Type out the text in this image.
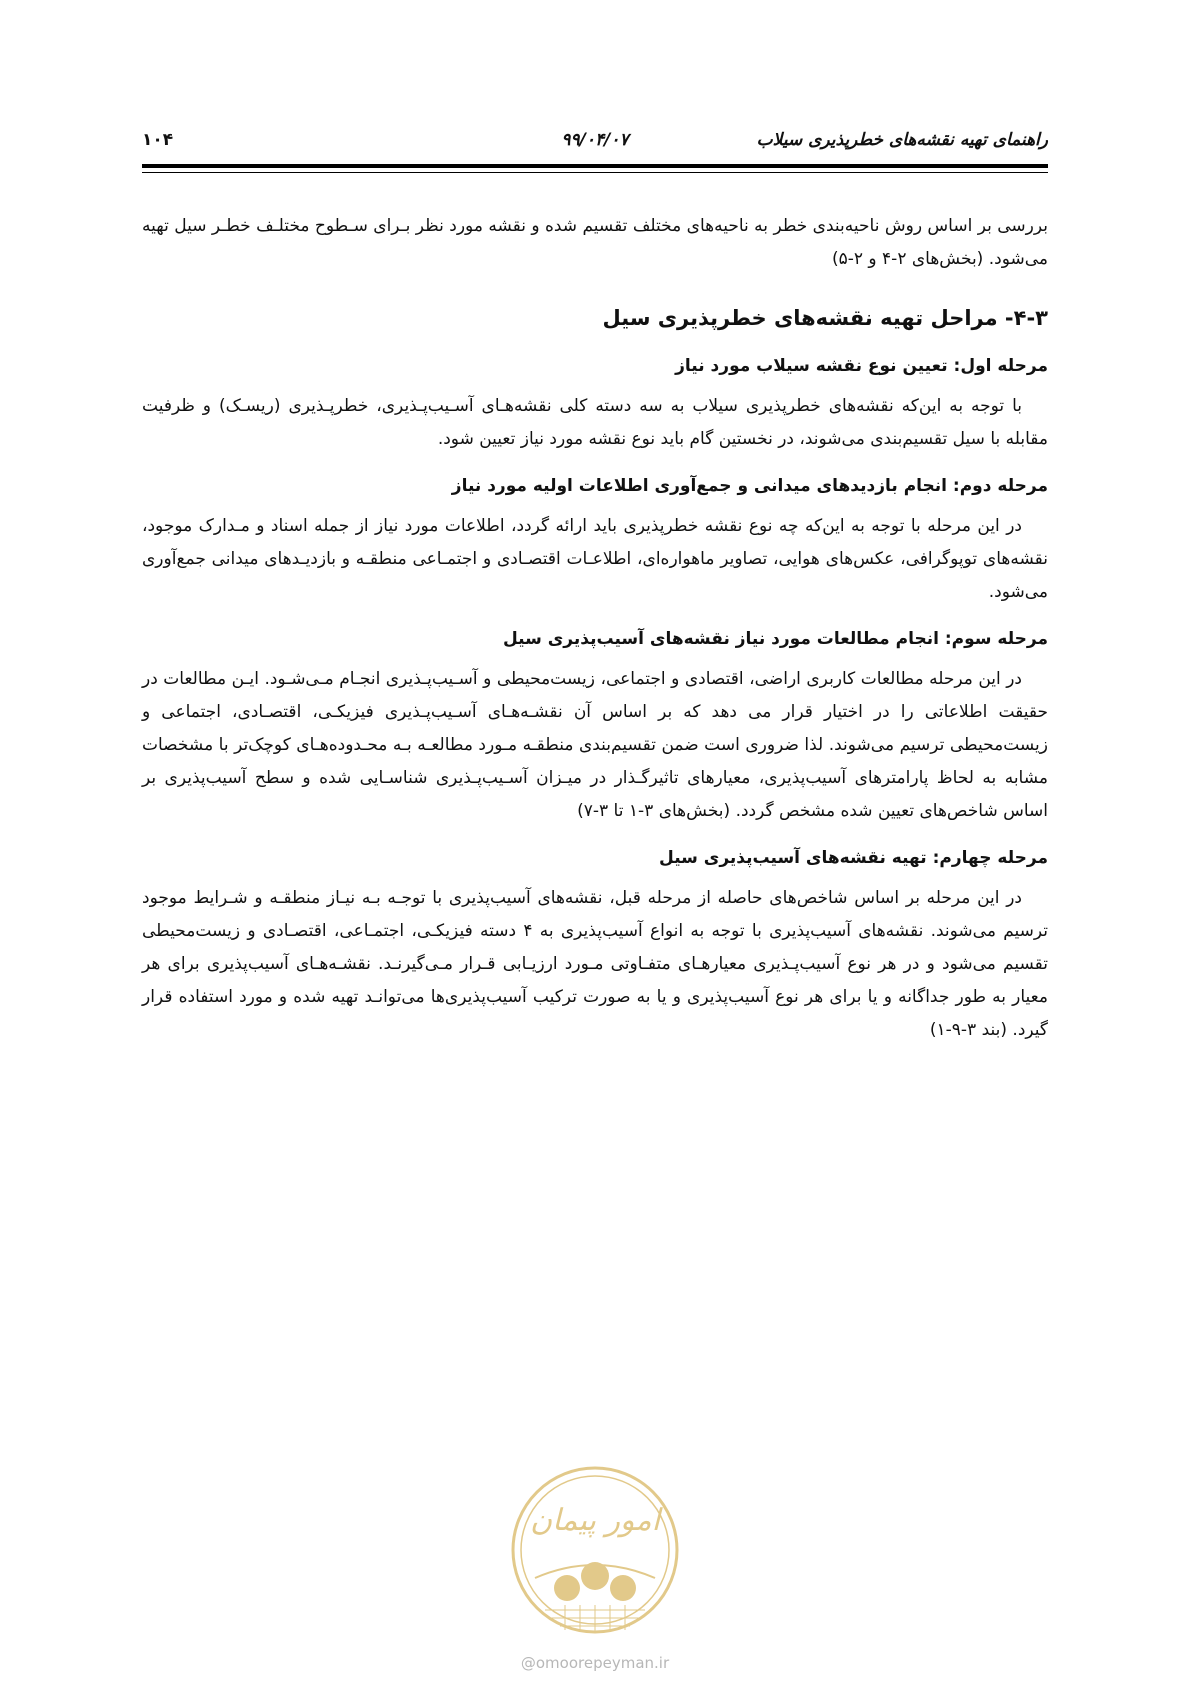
راهنمای تهیه نقشه‌های خطرپذیری سیلاب
۹۹/۰۴/۰۷
۱۰۴

بررسی بر اساس روش ناحیه‌بندی خطر به ناحیه‌های مختلف تقسیم شده و نقشه مورد نظر بـرای سـطوح مختلـف خطـر سیل تهیه می‌شود. (بخش‌های ۲-۴ و ۲-۵)

۴-۳- مراحل تهیه نقشه‌های خطرپذیری سیل
مرحله اول: تعیین نوع نقشه سیلاب مورد نیاز

با توجه به این‌که نقشه‌های خطرپذیری سیلاب به سه دسته کلی نقشه‌هـای آسـیب‌پـذیری، خطرپـذیری (ریسـک) و ظرفیت مقابله با سیل تقسیم‌بندی می‌شوند، در نخستین گام باید نوع نقشه مورد نیاز تعیین شود.

مرحله دوم: انجام بازدیدهای میدانی و جمع‌آوری اطلاعات اولیه مورد نیاز

در این مرحله با توجه به این‌که چه نوع نقشه خطرپذیری باید ارائه گردد، اطلاعات مورد نیاز از جمله اسناد و مـدارک موجود، نقشه‌های توپوگرافی، عکس‌های هوایی، تصاویر ماهواره‌ای، اطلاعـات اقتصـادی و اجتمـاعی منطقـه و بازدیـدهای میدانی جمع‌آوری می‌شود.

مرحله سوم: انجام مطالعات مورد نیاز نقشه‌های آسیب‌پذیری سیل

در این مرحله مطالعات کاربری اراضی، اقتصادی و اجتماعی، زیست‌محیطی و آسـیب‌پـذیری انجـام مـی‌شـود. ایـن مطالعات در حقیقت اطلاعاتی را در اختیار قرار می دهد که بر اساس آن نقشـه‌هـای آسـیب‌پـذیری فیزیکـی، اقتصـادی، اجتماعی و زیست‌محیطی ترسیم می‌شوند. لذا ضروری است ضمن تقسیم‌بندی منطقـه مـورد مطالعـه بـه محـدوده‌هـای کوچک‌تر با مشخصات مشابه به لحاظ پارامترهای آسیب‌پذیری، معیارهای تاثیرگـذار در میـزان آسـیب‌پـذیری شناسـایی شده و سطح آسیب‌پذیری بر اساس شاخص‌های تعیین شده مشخص گردد. (بخش‌های ۳-۱ تا ۳-۷)

مرحله چهارم: تهیه نقشه‌های آسیب‌پذیری سیل

در این مرحله بر اساس شاخص‌های حاصله از مرحله قبل، نقشه‌های آسیب‌پذیری با توجـه بـه نیـاز منطقـه و شـرایط موجود ترسیم می‌شوند. نقشه‌های آسیب‌پذیری با توجه به انواع آسیب‌پذیری به ۴ دسته فیزیکـی، اجتمـاعی، اقتصـادی و زیست‌محیطی تقسیم می‌شود و در هر نوع آسیب‌پـذیری معیارهـای متفـاوتی مـورد ارزیـابی قـرار مـی‌گیرنـد. نقشـه‌هـای آسیب‌پذیری برای هر معیار به طور جداگانه و یا برای هر نوع آسیب‌پذیری و یا به صورت ترکیب آسیب‌پذیری‌ها می‌توانـد تهیه شده و مورد استفاده قرار گیرد. (بند ۳-۹-۱)

امور پیمان
@omoorepeyman.ir
